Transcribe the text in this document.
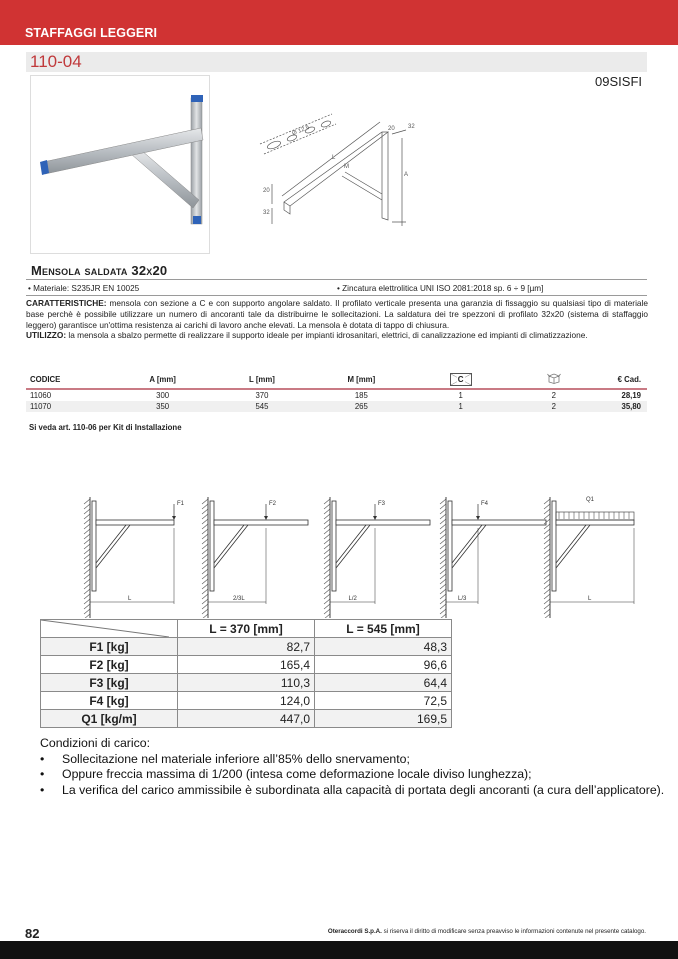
STAFFAGGI LEGGERI
110-04
09SISFI
Ø 12,5
L
M
A
20
32
32
20
Mensola saldata 32x20
• Materiale: S235JR EN 10025	• Zincatura elettrolitica UNI ISO 2081:2018 sp. 6 ÷ 9 [µm]
CARATTERISTICHE: mensola con sezione a C e con supporto angolare saldato. Il profilato verticale presenta una garanzia di fissaggio su qualsiasi tipo di materiale base perchè è possibile utilizzare un numero di ancoranti tale da distribuirne le sollecitazioni. La saldatura dei tre spezzoni di profilato 32x20 (sistema di staffaggio leggero) garantisce un'ottima resistenza ai carichi di lavoro anche elevati. La mensola è dotata di tappo di chiusura.
UTILIZZO: la mensola a sbalzo permette di realizzare il supporto ideale per impianti idrosanitari, elettrici, di canalizzazione ed impianti di climatizzazione.
CODICE	A [mm]	L [mm]	M [mm]	C		€ Cad.
11060	300	370	185	1	2	28,19
11070	350	545	265	1	2	35,80
Si veda art. 110-06 per Kit di Installazione
F1
L
F2
2/3L
F3
L/2
F4
L/3
Q1
L
	L = 370 [mm]	L = 545 [mm]
F1 [kg]	82,7	48,3
F2 [kg]	165,4	96,6
F3 [kg]	110,3	64,4
F4 [kg]	124,0	72,5
Q1 [kg/m]	447,0	169,5
Condizioni di carico:
• Sollecitazione nel materiale inferiore all’85% dello snervamento;
• Oppure freccia massima di 1/200 (intesa come deformazione locale diviso lunghezza);
• La verifica del carico ammissibile è subordinata alla capacità di portata degli ancoranti (a cura dell’applicatore).
82	Oteraccordi S.p.A. si riserva il diritto di modificare senza preavviso le informazioni contenute nel presente catalogo.
